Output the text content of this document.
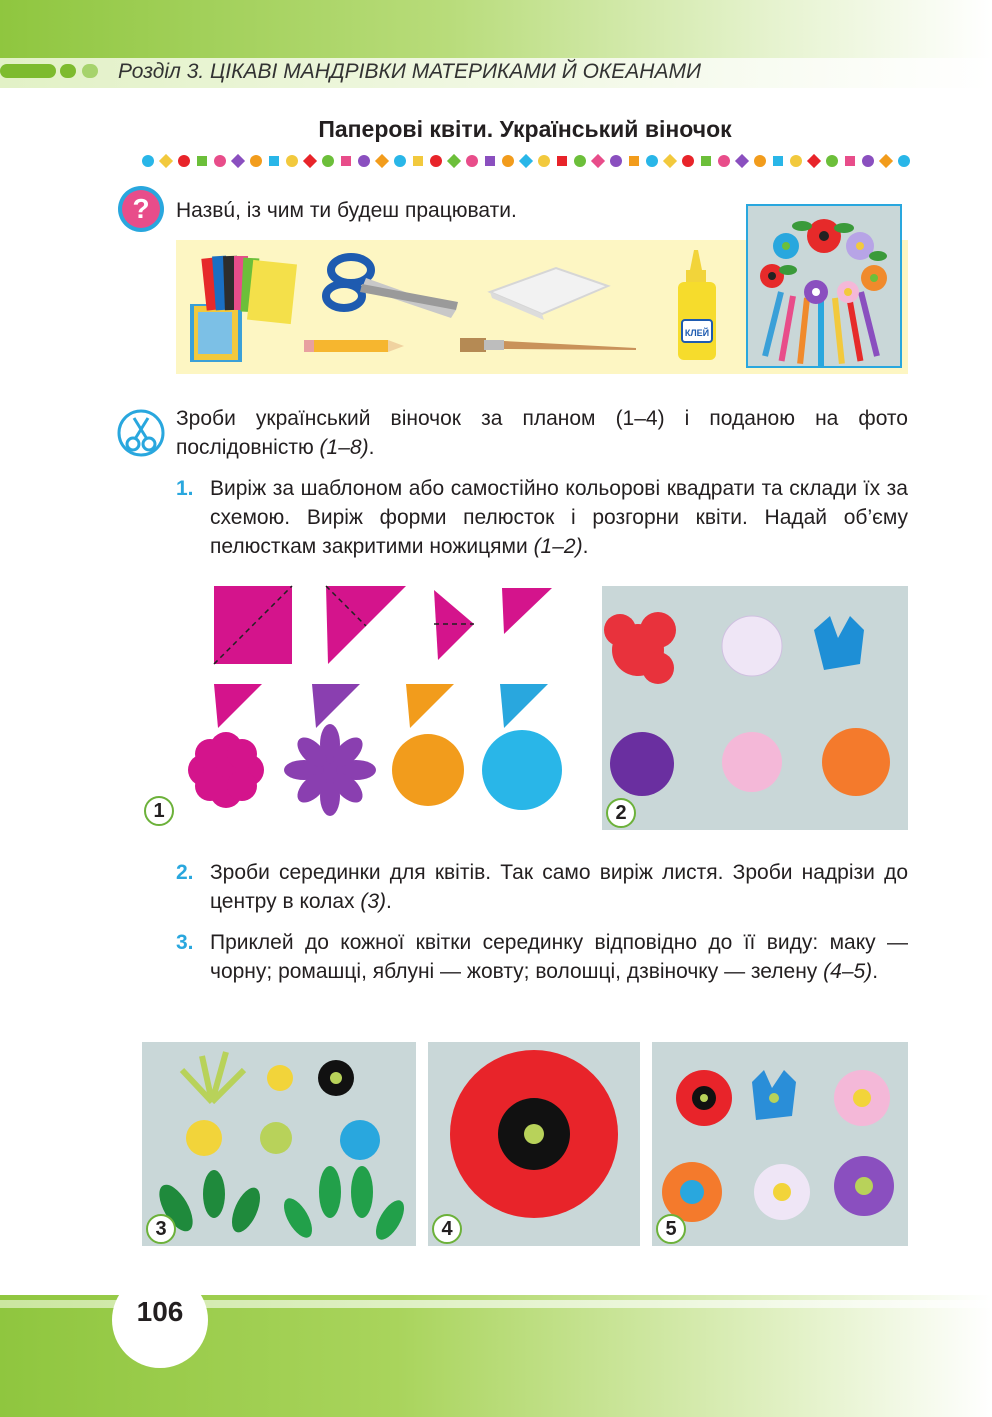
Розділ 3. ЦІКАВІ МАНДРІВКИ МАТЕРИКАМИ Й ОКЕАНАМИ
Паперові квіти. Український віночок
? Назвú, із чим ти будеш працювати.
КЛЕЙ
Зроби український віночок за планом (1–4) і поданою на фото послідовністю (1–8).
1. Виріж за шаблоном або самостійно кольорові квадрати та склади їх за схемою. Виріж форми пелюсток і розгорни квіти. Надай об’єму пелюсткам закритими ножицями (1–2).
1	2
2. Зроби серединки для квітів. Так само виріж листя. Зроби надрізи до центру в колах (3).
3. Приклей до кожної квітки серединку відповідно до її виду: маку — чорну; ромашці, яблуні — жовту; волошці, дзвіночку — зелену (4–5).
3	4	5
106
